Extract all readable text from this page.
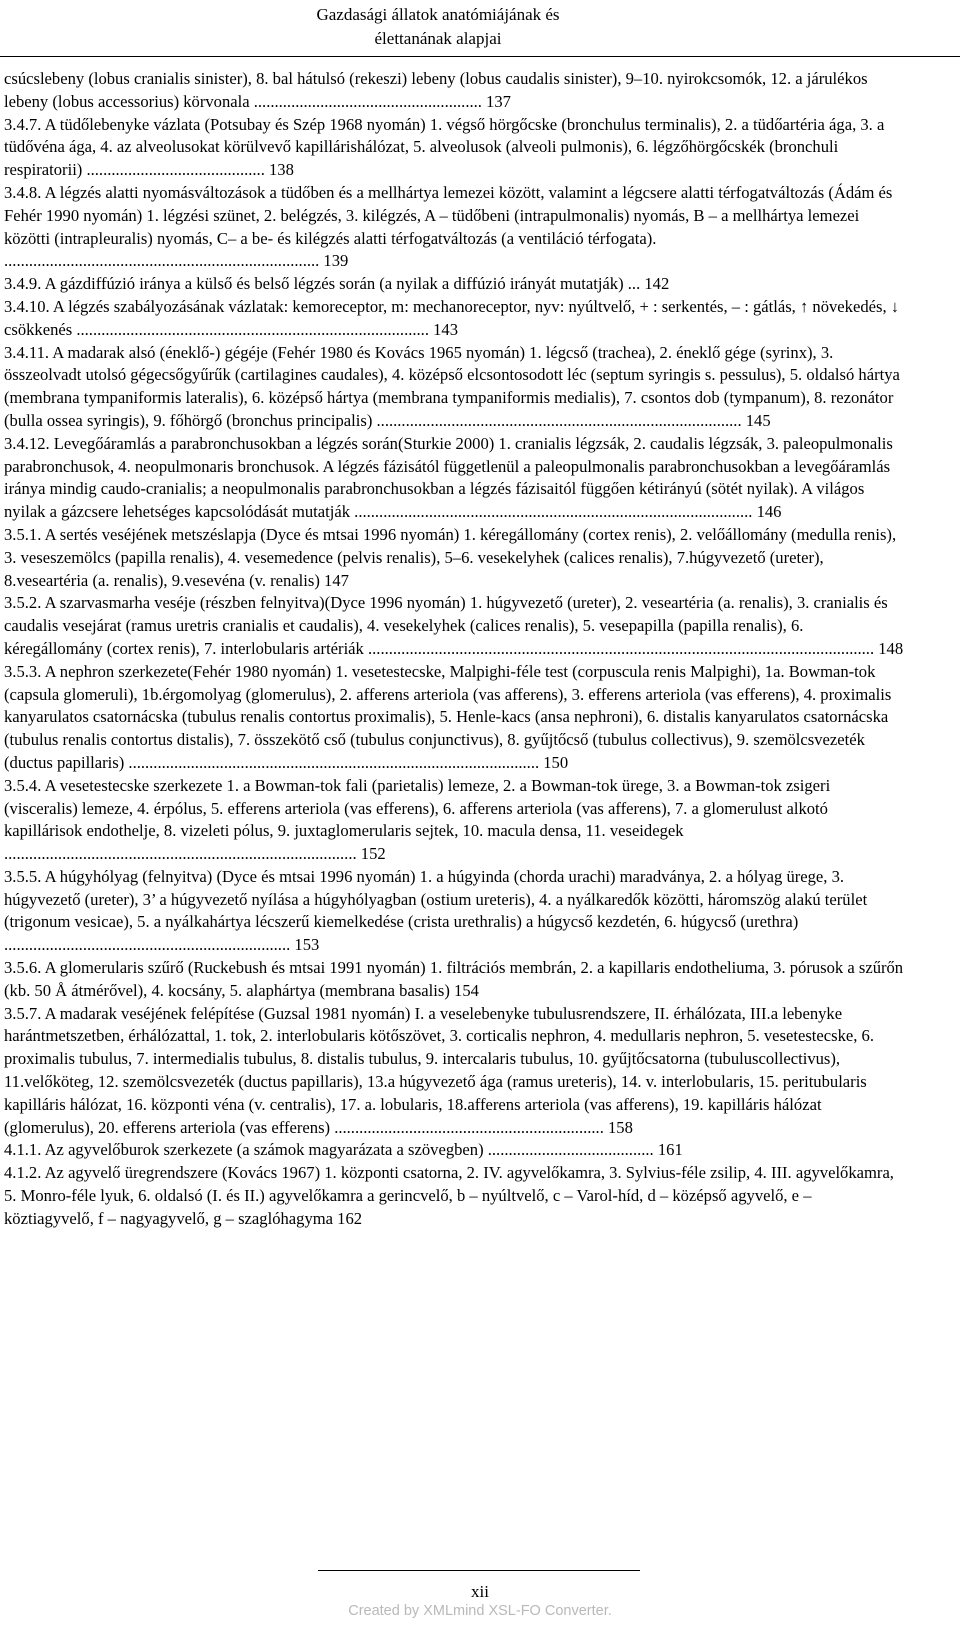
Gazdasági állatok anatómiájának és
élettanának alapjai

csúcslebeny (lobus cranialis sinister), 8. bal hátulsó (rekeszi) lebeny (lobus caudalis sinister), 9–10. nyirokcsomók, 12. a járulékos lebeny (lobus accessorius) körvonala ....................................................... 137

3.4.7. A tüdőlebenyke vázlata (Potsubay és Szép 1968 nyomán) 1. végső hörgőcske (bronchulus terminalis), 2. a tüdőartéria ága, 3. a tüdővéna ága, 4. az alveolusokat körülvevő kapillárishálózat, 5. alveolusok (alveoli pulmonis), 6. légzőhörgőcskék (bronchuli respiratorii) ........................................... 138

3.4.8. A légzés alatti nyomásváltozások a tüdőben és a mellhártya lemezei között, valamint a légcsere alatti térfogatváltozás (Ádám és Fehér 1990 nyomán) 1. légzési szünet, 2. belégzés, 3. kilégzés, A – tüdőbeni (intrapulmonalis) nyomás, B – a mellhártya lemezei közötti (intrapleuralis) nyomás, C– a be- és kilégzés alatti térfogatváltozás (a ventiláció térfogata). ............................................................................ 139

3.4.9. A gázdiffúzió iránya a külső és belső légzés során (a nyilak a diffúzió irányát mutatják) ... 142

3.4.10. A légzés szabályozásának vázlatak: kemoreceptor, m: mechanoreceptor, nyv: nyúltvelő, + : serkentés, – : gátlás, ↑ növekedés, ↓ csökkenés ..................................................................................... 143

3.4.11. A madarak alsó (éneklő-) gégéje (Fehér 1980 és Kovács 1965 nyomán) 1. légcső (trachea), 2. éneklő gége (syrinx), 3. összeolvadt utolsó gégecsőgyűrűk (cartilagines caudales), 4. középső elcsontosodott léc (septum syringis s. pessulus), 5. oldalsó hártya (membrana tympaniformis lateralis), 6. középső hártya (membrana tympaniformis medialis), 7. csontos dob (tympanum), 8. rezonátor (bulla ossea syringis), 9. főhörgő (bronchus principalis) ........................................................................................ 145

3.4.12. Levegőáramlás a parabronchusokban a légzés során(Sturkie 2000) 1. cranialis légzsák, 2. caudalis légzsák, 3. paleopulmonalis parabronchusok, 4. neopulmonaris bronchusok. A légzés fázisától függetlenül a paleopulmonalis parabronchusokban a levegőáramlás iránya mindig caudo-cranialis; a neopulmonalis parabronchusokban a légzés fázisaitól függően kétirányú (sötét nyilak). A világos nyilak a gázcsere lehetséges kapcsolódását mutatják ................................................................................................ 146

3.5.1. A sertés veséjének metszéslapja (Dyce és mtsai 1996 nyomán) 1. kéregállomány (cortex renis), 2. velőállomány (medulla renis), 3. veseszemölcs (papilla renalis), 4. vesemedence (pelvis renalis), 5–6. vesekelyhek (calices renalis), 7.húgyvezető (ureter), 8.veseartéria (a. renalis), 9.vesevéna (v. renalis) 147

3.5.2. A szarvasmarha veséje (részben felnyitva)(Dyce 1996 nyomán) 1. húgyvezető (ureter), 2. veseartéria (a. renalis), 3. cranialis és caudalis vesejárat (ramus uretris cranialis et caudalis), 4. vesekelyhek (calices renalis), 5. vesepapilla (papilla renalis), 6. kéregállomány (cortex renis), 7. interlobularis artériák .......................................................................................................................... 148

3.5.3. A nephron szerkezete(Fehér 1980 nyomán) 1. vesetestecske, Malpighi-féle test (corpuscula renis Malpighi), 1a. Bowman-tok (capsula glomeruli), 1b.érgomolyag (glomerulus), 2. afferens arteriola (vas afferens), 3. efferens arteriola (vas efferens), 4. proximalis kanyarulatos csatornácska (tubulus renalis contortus proximalis), 5. Henle-kacs (ansa nephroni), 6. distalis kanyarulatos csatornácska (tubulus renalis contortus distalis), 7. összekötő cső (tubulus conjunctivus), 8. gyűjtőcső (tubulus collectivus), 9. szemölcsvezeték (ductus papillaris) ................................................................................................... 150

3.5.4. A vesetestecske szerkezete 1. a Bowman-tok fali (parietalis) lemeze, 2. a Bowman-tok ürege, 3. a Bowman-tok zsigeri (visceralis) lemeze, 4. érpólus, 5. efferens arteriola (vas efferens), 6. afferens arteriola (vas afferens), 7. a glomerulust alkotó kapillárisok endothelje, 8. vizeleti pólus, 9. juxtaglomerularis sejtek, 10. macula densa, 11. veseidegek ..................................................................................... 152

3.5.5. A húgyhólyag (felnyitva) (Dyce és mtsai 1996 nyomán) 1. a húgyinda (chorda urachi) maradványa, 2. a hólyag ürege, 3. húgyvezető (ureter), 3’ a húgyvezető nyílása a húgyhólyagban (ostium ureteris), 4. a nyálkaredők közötti, háromszög alakú terület (trigonum vesicae), 5. a nyálkahártya lécszerű kiemelkedése (crista urethralis) a húgycső kezdetén, 6. húgycső (urethra) ..................................................................... 153

3.5.6. A glomerularis szűrő (Ruckebush és mtsai 1991 nyomán) 1. filtrációs membrán, 2. a kapillaris endotheliuma, 3. pórusok a szűrőn (kb. 50 Å átmérővel), 4. kocsány, 5. alaphártya (membrana basalis) 154

3.5.7. A madarak veséjének felépítése (Guzsal 1981 nyomán) I. a veselebenyke tubulusrendszere, II. érhálózata, III.a lebenyke harántmetszetben, érhálózattal, 1. tok, 2. interlobularis kötőszövet, 3. corticalis nephron, 4. medullaris nephron, 5. vesetestecske, 6. proximalis tubulus, 7. intermedialis tubulus, 8. distalis tubulus, 9. intercalaris tubulus, 10. gyűjtőcsatorna (tubuluscollectivus), 11.velőköteg, 12. szemölcsvezeték (ductus papillaris), 13.a húgyvezető ága (ramus ureteris), 14. v. interlobularis, 15. peritubularis kapilláris hálózat, 16. központi véna (v. centralis), 17. a. lobularis, 18.afferens arteriola (vas afferens), 19. kapilláris hálózat (glomerulus), 20. efferens arteriola (vas efferens) ................................................................. 158

4.1.1. Az agyvelőburok szerkezete (a számok magyarázata a szövegben) ........................................ 161

4.1.2. Az agyvelő üregrendszere (Kovács 1967) 1. központi csatorna, 2. IV. agyvelőkamra, 3. Sylvius-féle zsilip, 4. III. agyvelőkamra, 5. Monro-féle lyuk, 6. oldalsó (I. és II.) agyvelőkamra a gerincvelő, b – nyúltvelő, c – Varol-híd, d – középső agyvelő, e – köztiagyvelő, f – nagyagyvelő, g – szaglóhagyma 162

xii
Created by XMLmind XSL-FO Converter.
